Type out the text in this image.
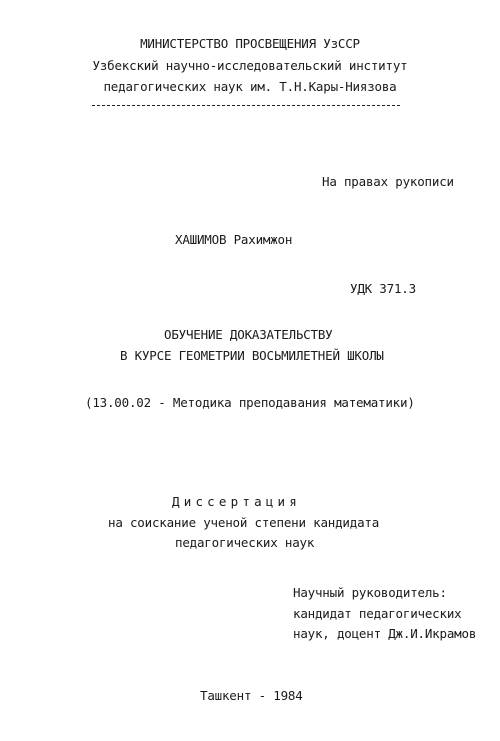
МИНИСТЕРСТВО ПРОСВЕЩЕНИЯ УзССР
Узбекский научно-исследовательский институт
педагогических наук им. Т.Н.Кары-Ниязова
На правах рукописи
ХАШИМОВ Рахимжон
УДК 371.3
ОБУЧЕНИЕ ДОКАЗАТЕЛЬСТВУ
В КУРСЕ ГЕОМЕТРИИ ВОСЬМИЛЕТНЕЙ ШКОЛЫ
(13.00.02 - Методика преподавания математики)
Диссертация
на соискание ученой степени кандидата
педагогических наук
Научный руководитель:
кандидат педагогических
наук, доцент Дж.И.Икрамов
Ташкент - 1984
